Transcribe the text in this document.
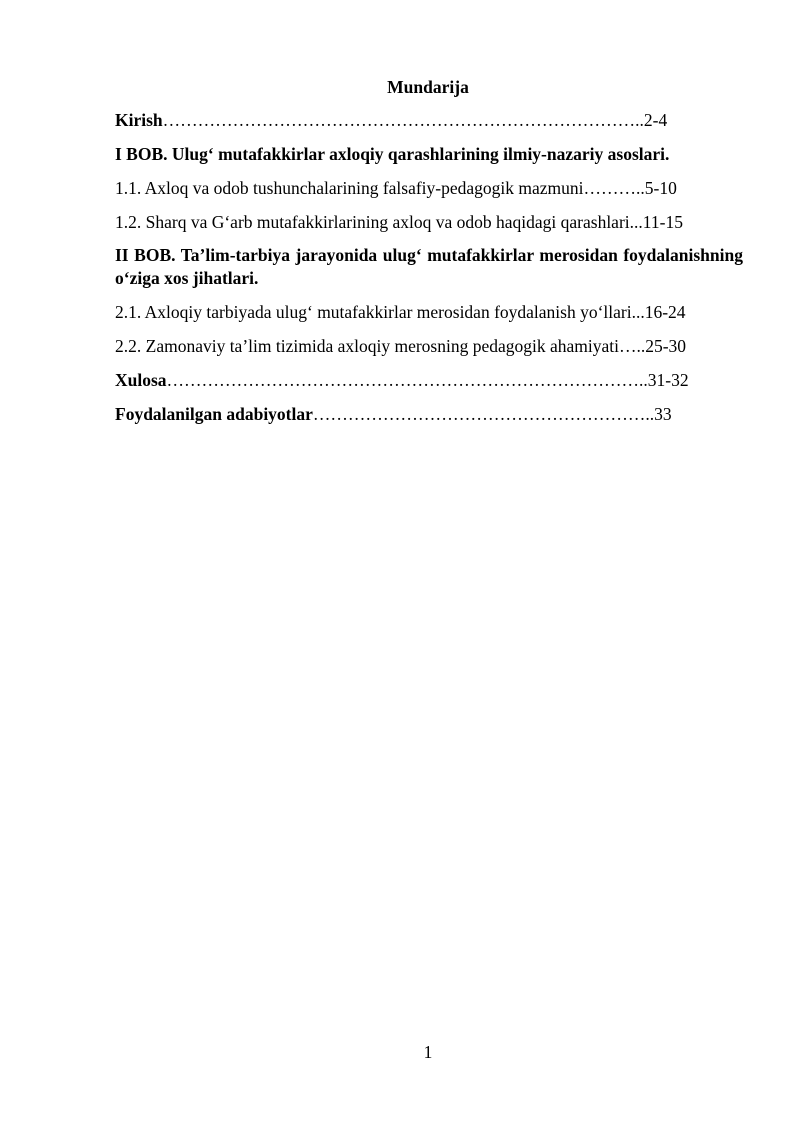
Mundarija
Kirish………………………………………………………………………..2-4
I BOB. Ulug‘ mutafakkirlar axloqiy qarashlarining ilmiy-nazariy asoslari.
1.1. Axloq va odob tushunchalarining falsafiy-pedagogik mazmuni………..5-10
1.2. Sharq va G‘arb mutafakkirlarining axloq va odob haqidagi qarashlari...11-15
II BOB. Ta’lim-tarbiya jarayonida ulug‘ mutafakkirlar merosidan foydalanishning o‘ziga xos jihatlari.
2.1. Axloqiy tarbiyada ulug‘ mutafakkirlar merosidan foydalanish yo‘llari...16-24
2.2. Zamonaviy ta’lim tizimida axloqiy merosning pedagogik ahamiyati…..25-30
Xulosa………………………………………………………………………..31-32
Foydalanilgan adabiyotlar…………………………………………………..33
1
